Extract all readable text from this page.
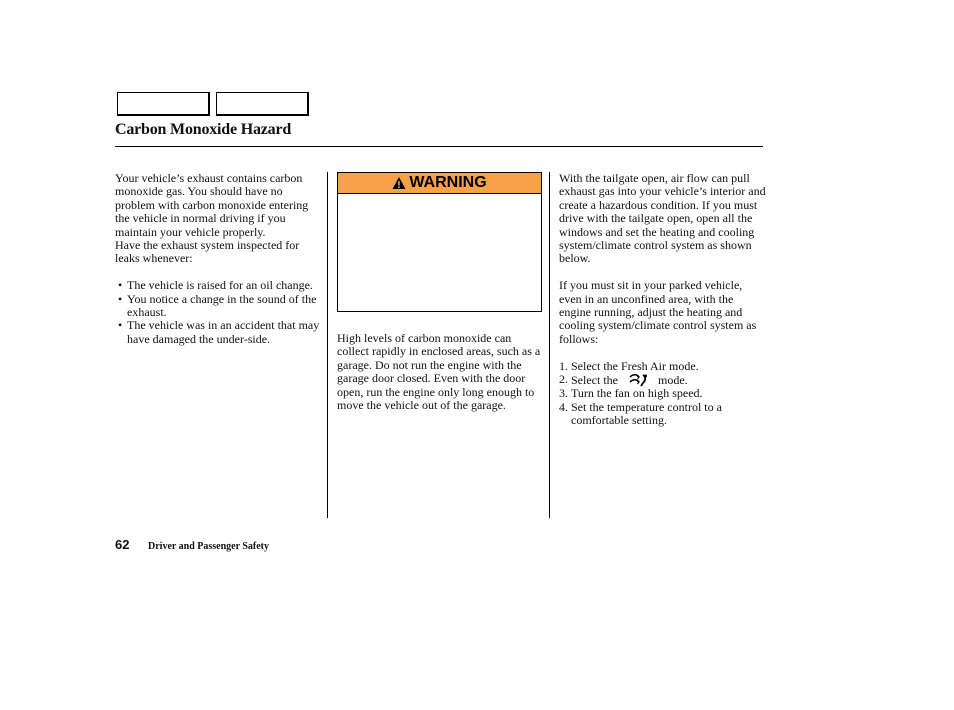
Carbon Monoxide Hazard

Your vehicle’s exhaust contains carbon monoxide gas. You should have no problem with carbon monoxide entering the vehicle in normal driving if you maintain your vehicle properly.

Have the exhaust system inspected for leaks whenever:

• The vehicle is raised for an oil change.
• You notice a change in the sound of the exhaust.
• The vehicle was in an accident that may have damaged the under-side.
WARNING

High levels of carbon monoxide can collect rapidly in enclosed areas, such as a garage. Do not run the engine with the garage door closed. Even with the door open, run the engine only long enough to move the vehicle out of the garage.

With the tailgate open, air flow can pull exhaust gas into your vehicle’s interior and create a hazardous condition. If you must drive with the tailgate open, open all the windows and set the heating and cooling system/climate control system as shown below.

If you must sit in your parked vehicle, even in an unconfined area, with the engine running, adjust the heating and cooling system/climate control system as follows:

1. Select the Fresh Air mode.
2. Select the	mode.
3. Turn the fan on high speed.
4. Set the temperature control to a comfortable setting.
62 Driver and Passenger Safety
